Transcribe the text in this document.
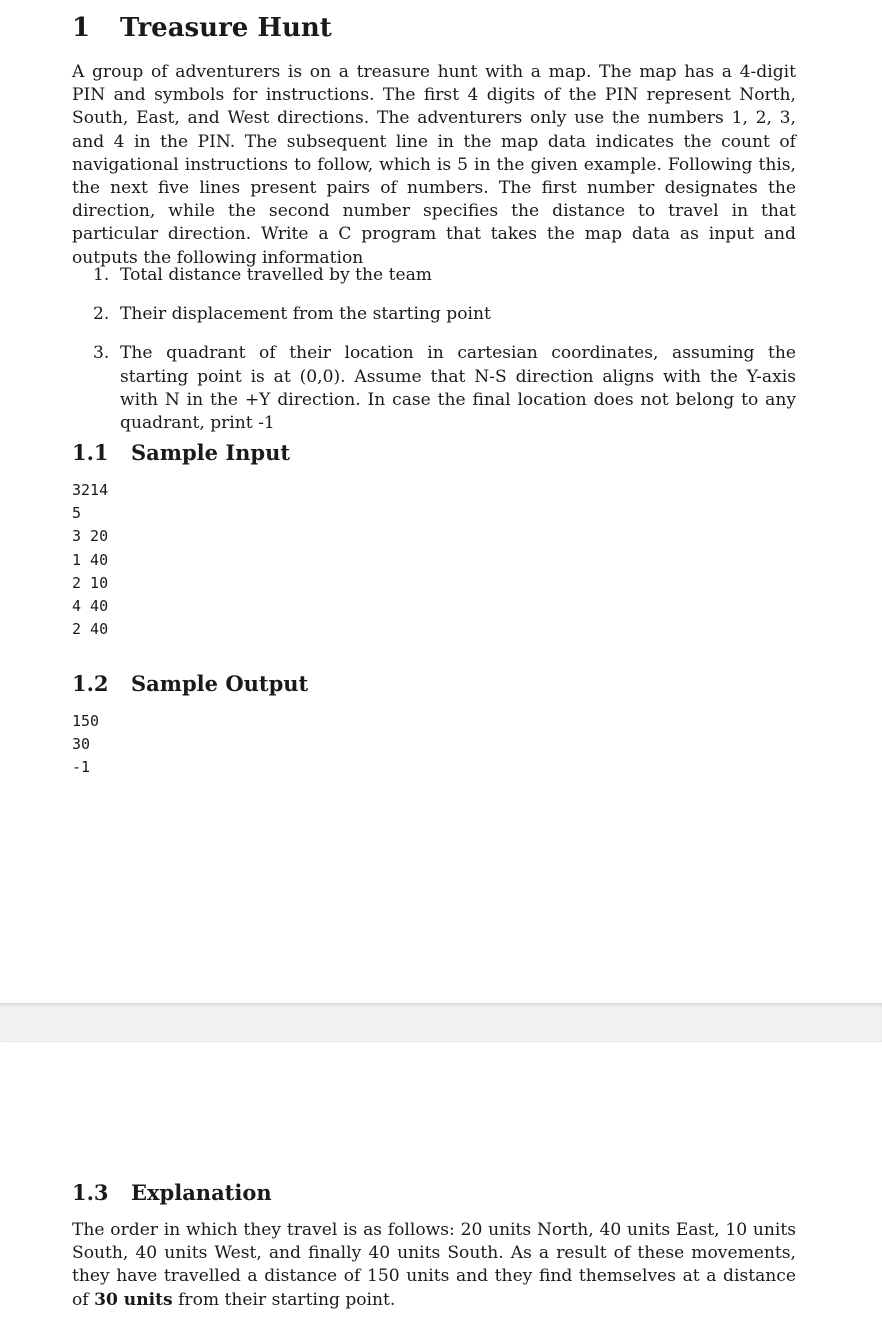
1 Treasure Hunt

A group of adventurers is on a treasure hunt with a map. The map has a 4-digit PIN and symbols for instructions. The first 4 digits of the PIN represent North, South, East, and West directions. The adventurers only use the numbers 1, 2, 3, and 4 in the PIN. The subsequent line in the map data indicates the count of navigational instructions to follow, which is 5 in the given example. Following this, the next five lines present pairs of numbers. The first number designates the direction, while the second number specifies the distance to travel in that particular direction. Write a C program that takes the map data as input and outputs the following information

1. Total distance travelled by the team
2. Their displacement from the starting point
3. The quadrant of their location in cartesian coordinates, assuming the starting point is at (0,0). Assume that N-S direction aligns with the Y-axis with N in the +Y direction. In case the final location does not belong to any quadrant, print -1
1.1 Sample Input
3214
5
3 20
1 40
2 10
4 40
2 40
1.2 Sample Output
150
30
-1
1.3 Explanation

The order in which they travel is as follows: 20 units North, 40 units East, 10 units South, 40 units West, and finally 40 units South. As a result of these movements, they have travelled a distance of 150 units and they find themselves at a distance of 30 units from their starting point.
